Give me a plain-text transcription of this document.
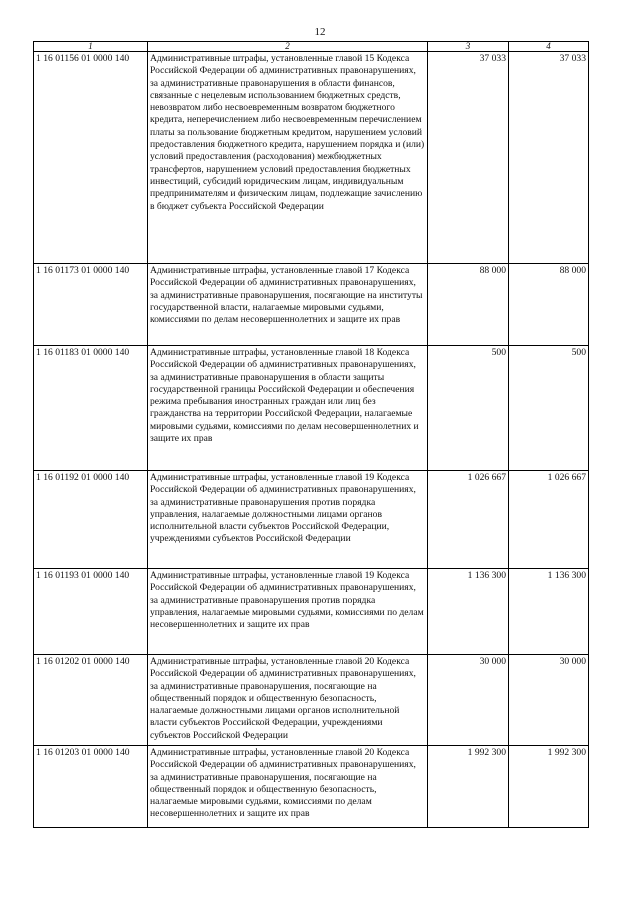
12
1	2	3	4
1 16 01156 01 0000 140	Административные штрафы, установленные главой 15 Кодекса Российской Федерации об административных правонарушениях, за административные правонарушения в области финансов, связанные с нецелевым использованием бюджетных средств, невозвратом либо несвоевременным возвратом бюджетного кредита, неперечислением либо несвоевременным перечислением платы за пользование бюджетным кредитом, нарушением условий предоставления бюджетного кредита, нарушением порядка и (или) условий предоставления (расходования) межбюджетных трансфертов, нарушением условий предоставления бюджетных инвестиций, субсидий юридическим лицам, индивидуальным предпринимателям и физическим лицам, подлежащие зачислению в бюджет субъекта Российской Федерации	37 033	37 033
1 16 01173 01 0000 140	Административные штрафы, установленные главой 17 Кодекса Российской Федерации об административных правонарушениях, за административные правонарушения, посягающие на институты государственной власти, налагаемые мировыми судьями, комиссиями по делам несовершеннолетних и защите их прав	88 000	88 000
1 16 01183 01 0000 140	Административные штрафы, установленные главой 18 Кодекса Российской Федерации об административных правонарушениях, за административные правонарушения в области защиты государственной границы Российской Федерации и обеспечения режима пребывания иностранных граждан или лиц без гражданства на территории Российской Федерации, налагаемые мировыми судьями, комиссиями по делам несовершеннолетних и защите их прав	500	500
1 16 01192 01 0000 140	Административные штрафы, установленные главой 19 Кодекса Российской Федерации об административных правонарушениях, за административные правонарушения против порядка управления, налагаемые должностными лицами органов исполнительной власти субъектов Российской Федерации, учреждениями субъектов Российской Федерации	1 026 667	1 026 667
1 16 01193 01 0000 140	Административные штрафы, установленные главой 19 Кодекса Российской Федерации об административных правонарушениях, за административные правонарушения против порядка управления, налагаемые мировыми судьями, комиссиями по делам несовершеннолетних и защите их прав	1 136 300	1 136 300
1 16 01202 01 0000 140	Административные штрафы, установленные главой 20 Кодекса Российской Федерации об административных правонарушениях, за административные правонарушения, посягающие на общественный порядок и общественную безопасность, налагаемые должностными лицами органов исполнительной власти субъектов Российской Федерации, учреждениями субъектов Российской Федерации	30 000	30 000
1 16 01203 01 0000 140	Административные штрафы, установленные главой 20 Кодекса Российской Федерации об административных правонарушениях, за административные правонарушения, посягающие на общественный порядок и общественную безопасность, налагаемые мировыми судьями, комиссиями по делам несовершеннолетних и защите их прав	1 992 300	1 992 300
